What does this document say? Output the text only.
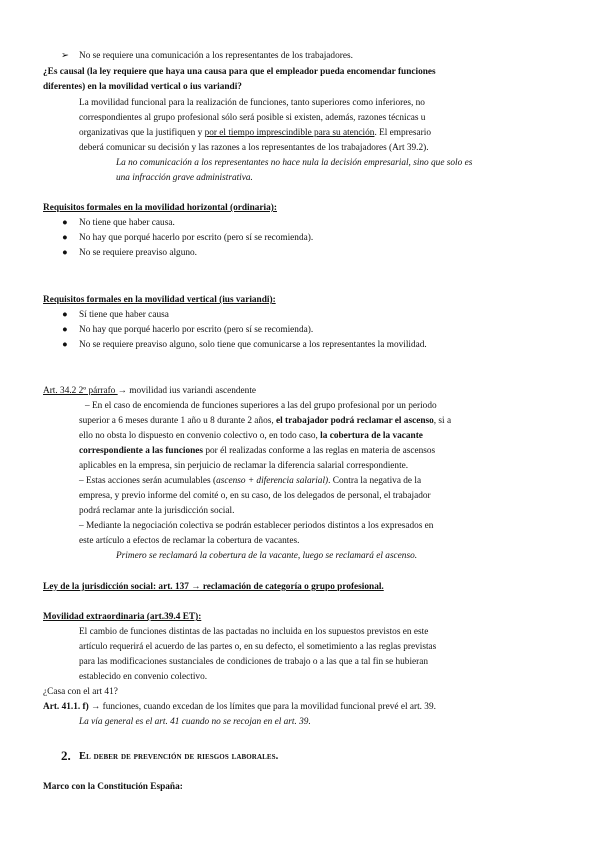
➢ No se requiere una comunicación a los representantes de los trabajadores.
¿Es causal (la ley requiere que haya una causa para que el empleador pueda encomendar funciones
diferentes) en la movilidad vertical o ius variandi?
La movilidad funcional para la realización de funciones, tanto superiores como inferiores, no
correspondientes al grupo profesional sólo será posible si existen, además, razones técnicas u
organizativas que la justifiquen y por el tiempo imprescindible para su atención. El empresario
deberá comunicar su decisión y las razones a los representantes de los trabajadores (Art 39.2).
La no comunicación a los representantes no hace nula la decisión empresarial, sino que solo es
una infracción grave administrativa.
Requisitos formales en la movilidad horizontal (ordinaria):
● No tiene que haber causa.
● No hay que porqué hacerlo por escrito (pero sí se recomienda).
● No se requiere preaviso alguno.
Requisitos formales en la movilidad vertical (ius variandi):
● Sí tiene que haber causa
● No hay que porqué hacerlo por escrito (pero sí se recomienda).
● No se requiere preaviso alguno, solo tiene que comunicarse a los representantes la movilidad.
Art. 34.2 2º párrafo → movilidad ius variandi ascendente
– En el caso de encomienda de funciones superiores a las del grupo profesional por un periodo
superior a 6 meses durante 1 año u 8 durante 2 años, el trabajador podrá reclamar el ascenso, si a
ello no obsta lo dispuesto en convenio colectivo o, en todo caso, la cobertura de la vacante
correspondiente a las funciones por él realizadas conforme a las reglas en materia de ascensos
aplicables en la empresa, sin perjuicio de reclamar la diferencia salarial correspondiente.
– Estas acciones serán acumulables (ascenso + diferencia salarial). Contra la negativa de la
empresa, y previo informe del comité o, en su caso, de los delegados de personal, el trabajador
podrá reclamar ante la jurisdicción social.
– Mediante la negociación colectiva se podrán establecer periodos distintos a los expresados en
este artículo a efectos de reclamar la cobertura de vacantes.
Primero se reclamará la cobertura de la vacante, luego se reclamará el ascenso.
Ley de la jurisdicción social: art. 137 → reclamación de categoría o grupo profesional.
Movilidad extraordinaria (art.39.4 ET):
El cambio de funciones distintas de las pactadas no incluida en los supuestos previstos en este
artículo requerirá el acuerdo de las partes o, en su defecto, el sometimiento a las reglas previstas
para las modificaciones sustanciales de condiciones de trabajo o a las que a tal fin se hubieran
establecido en convenio colectivo.
¿Casa con el art 41?
Art. 41.1. f) → funciones, cuando excedan de los límites que para la movilidad funcional prevé el art. 39.
La vía general es el art. 41 cuando no se recojan en el art. 39.
2. El deber de prevención de riesgos laborales.
Marco con la Constitución España:
